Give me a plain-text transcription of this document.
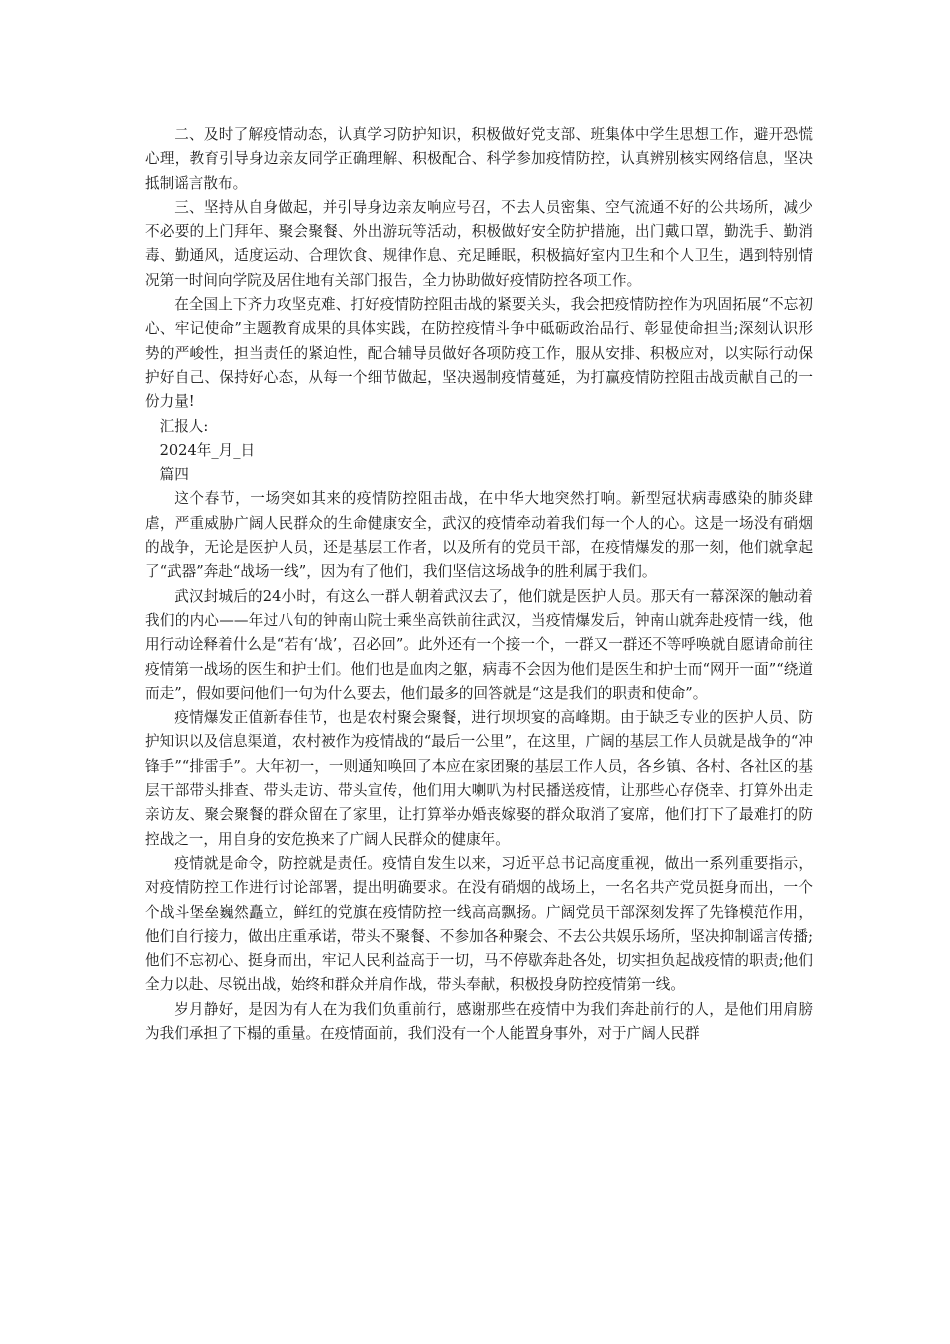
二、及时了解疫情动态，认真学习防护知识，积极做好党支部、班集体中学生思想工作，避开恐慌心理，教育引导身边亲友同学正确理解、积极配合、科学参加疫情防控，认真辨别核实网络信息，坚决抵制谣言散布。

三、坚持从自身做起，并引导身边亲友响应号召，不去人员密集、空气流通不好的公共场所，减少不必要的上门拜年、聚会聚餐、外出游玩等活动，积极做好安全防护措施，出门戴口罩，勤洗手、勤消毒、勤通风，适度运动、合理饮食、规律作息、充足睡眠，积极搞好室内卫生和个人卫生，遇到特别情况第一时间向学院及居住地有关部门报告，全力协助做好疫情防控各项工作。

在全国上下齐力攻坚克难、打好疫情防控阻击战的紧要关头，我会把疫情防控作为巩固拓展“不忘初心、牢记使命”主题教育成果的具体实践，在防控疫情斗争中砥砺政治品行、彰显使命担当;深刻认识形势的严峻性，担当责任的紧迫性，配合辅导员做好各项防疫工作，服从安排、积极应对，以实际行动保护好自己、保持好心态，从每一个细节做起，坚决遏制疫情蔓延，为打赢疫情防控阻击战贡献自己的一份力量!

汇报人:

2024年_月_日

篇四

这个春节，一场突如其来的疫情防控阻击战，在中华大地突然打响。新型冠状病毒感染的肺炎肆虐，严重威胁广阔人民群众的生命健康安全，武汉的疫情牵动着我们每一个人的心。这是一场没有硝烟的战争，无论是医护人员，还是基层工作者，以及所有的党员干部，在疫情爆发的那一刻，他们就拿起了“武器”奔赴“战场一线”，因为有了他们，我们坚信这场战争的胜利属于我们。

武汉封城后的24小时，有这么一群人朝着武汉去了，他们就是医护人员。那天有一幕深深的触动着我们的内心——年过八旬的钟南山院士乘坐高铁前往武汉，当疫情爆发后，钟南山就奔赴疫情一线，他用行动诠释着什么是“若有‘战’，召必回”。此外还有一个接一个，一群又一群还不等呼唤就自愿请命前往疫情第一战场的医生和护士们。他们也是血肉之躯，病毒不会因为他们是医生和护士而“网开一面”“绕道而走”，假如要问他们一句为什么要去，他们最多的回答就是“这是我们的职责和使命”。

疫情爆发正值新春佳节，也是农村聚会聚餐，进行坝坝宴的高峰期。由于缺乏专业的医护人员、防护知识以及信息渠道，农村被作为疫情战的“最后一公里”，在这里，广阔的基层工作人员就是战争的“冲锋手”“排雷手”。大年初一，一则通知唤回了本应在家团聚的基层工作人员，各乡镇、各村、各社区的基层干部带头排查、带头走访、带头宣传，他们用大喇叭为村民播送疫情，让那些心存侥幸、打算外出走亲访友、聚会聚餐的群众留在了家里，让打算举办婚丧嫁娶的群众取消了宴席，他们打下了最难打的防控战之一，用自身的安危换来了广阔人民群众的健康年。

疫情就是命令，防控就是责任。疫情自发生以来，习近平总书记高度重视，做出一系列重要指示，对疫情防控工作进行讨论部署，提出明确要求。在没有硝烟的战场上，一名名共产党员挺身而出，一个个战斗堡垒巍然矗立，鲜红的党旗在疫情防控一线高高飘扬。广阔党员干部深刻发挥了先锋模范作用，他们自行接力，做出庄重承诺，带头不聚餐、不参加各种聚会、不去公共娱乐场所，坚决抑制谣言传播;他们不忘初心、挺身而出，牢记人民利益高于一切，马不停歇奔赴各处，切实担负起战疫情的职责;他们全力以赴、尽锐出战，始终和群众并肩作战，带头奉献，积极投身防控疫情第一线。

岁月静好，是因为有人在为我们负重前行，感谢那些在疫情中为我们奔赴前行的人，是他们用肩膀为我们承担了下榻的重量。在疫情面前，我们没有一个人能置身事外，对于广阔人民群
